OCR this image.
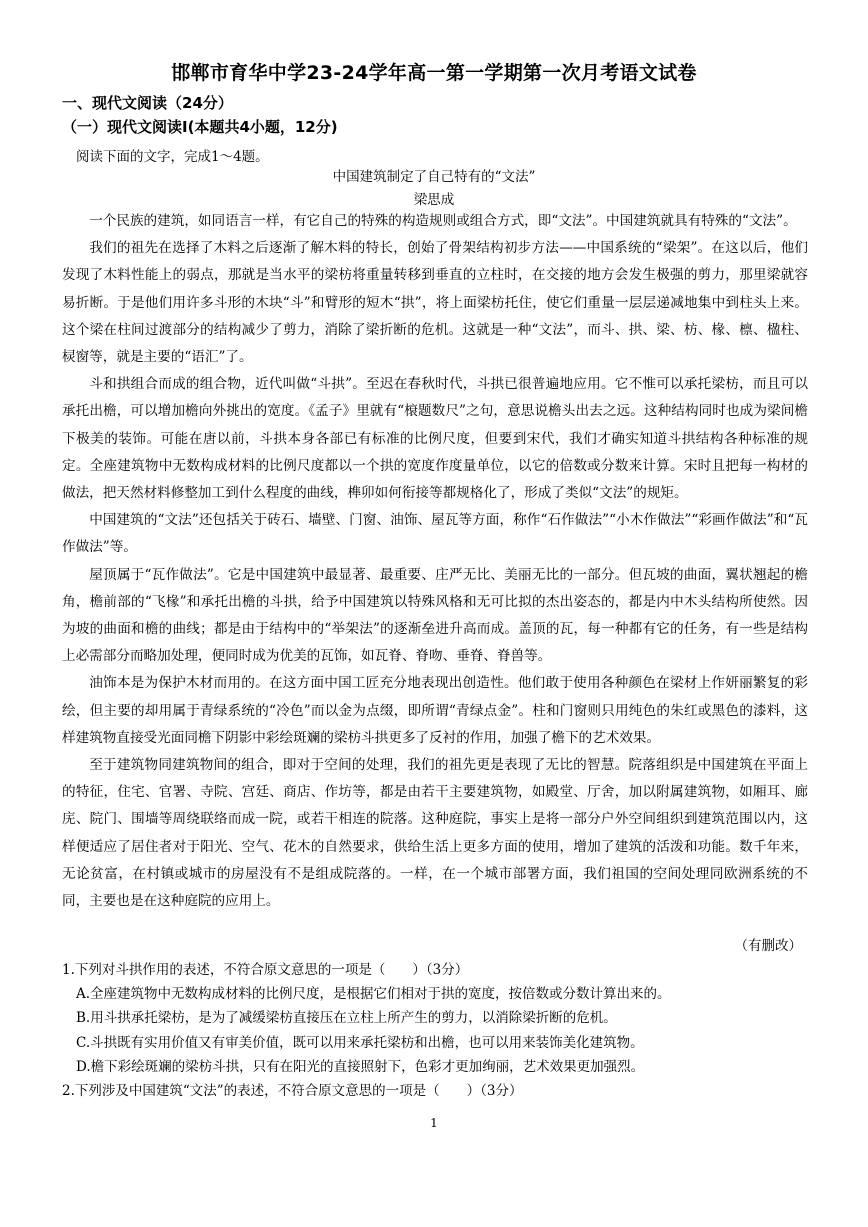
邯郸市育华中学23-24学年高一第一学期第一次月考语文试卷
一、现代文阅读（24分）
（一）现代文阅读Ⅰ(本题共4小题，12分)
阅读下面的文字，完成1～4题。
中国建筑制定了自己特有的“文法”
梁思成

一个民族的建筑，如同语言一样，有它自己的特殊的构造规则或组合方式，即“文法”。中国建筑就具有特殊的“文法”。

我们的祖先在选择了木料之后逐渐了解木料的特长，创始了骨架结构初步方法——中国系统的“梁架”。在这以后，他们发现了木料性能上的弱点，那就是当水平的梁枋将重量转移到垂直的立柱时，在交接的地方会发生极强的剪力，那里梁就容易折断。于是他们用许多斗形的木块“斗”和臂形的短木“拱”，将上面梁枋托住，使它们重量一层层递减地集中到柱头上来。这个梁在柱间过渡部分的结构减少了剪力，消除了梁折断的危机。这就是一种“文法”，而斗、拱、梁、枋、椽、檩、楹柱、棂窗等，就是主要的“语汇”了。

斗和拱组合而成的组合物，近代叫做“斗拱”。至迟在春秋时代，斗拱已很普遍地应用。它不惟可以承托梁枋，而且可以承托出檐，可以增加檐向外挑出的宽度。《孟子》里就有“榱题数尺”之句，意思说檐头出去之远。这种结构同时也成为梁间檐下极美的装饰。可能在唐以前，斗拱本身各部已有标准的比例尺度，但要到宋代，我们才确实知道斗拱结构各种标准的规定。全座建筑物中无数构成材料的比例尺度都以一个拱的宽度作度量单位，以它的倍数或分数来计算。宋时且把每一构材的做法，把天然材料修整加工到什么程度的曲线，榫卯如何衔接等都规格化了，形成了类似“文法”的规矩。

中国建筑的“文法”还包括关于砖石、墙壁、门窗、油饰、屋瓦等方面，称作“石作做法”“小木作做法”“彩画作做法”和“瓦作做法”等。

屋顶属于“瓦作做法”。它是中国建筑中最显著、最重要、庄严无比、美丽无比的一部分。但瓦坡的曲面，翼状翘起的檐角，檐前部的“飞椽”和承托出檐的斗拱，给予中国建筑以特殊风格和无可比拟的杰出姿态的，都是内中木头结构所使然。因为坡的曲面和檐的曲线；都是由于结构中的“举架法”的逐渐垒进升高而成。盖顶的瓦，每一种都有它的任务，有一些是结构上必需部分而略加处理，便同时成为优美的瓦饰，如瓦脊、脊吻、垂脊、脊兽等。

油饰本是为保护木材而用的。在这方面中国工匠充分地表现出创造性。他们敢于使用各种颜色在梁材上作妍丽繁复的彩绘，但主要的却用属于青绿系统的“冷色”而以金为点缀，即所谓“青绿点金”。柱和门窗则只用纯色的朱红或黑色的漆料，这样建筑物直接受光面同檐下阴影中彩绘斑斓的梁枋斗拱更多了反衬的作用，加强了檐下的艺术效果。

至于建筑物同建筑物间的组合，即对于空间的处理，我们的祖先更是表现了无比的智慧。院落组织是中国建筑在平面上的特征，住宅、官署、寺院、宫廷、商店、作坊等，都是由若干主要建筑物，如殿堂、厅舍，加以附属建筑物，如厢耳、廊庑、院门、围墙等周绕联络而成一院，或若干相连的院落。这种庭院，事实上是将一部分户外空间组织到建筑范围以内，这样便适应了居住者对于阳光、空气、花木的自然要求，供给生活上更多方面的使用，增加了建筑的活泼和功能。数千年来，无论贫富，在村镇或城市的房屋没有不是组成院落的。一样，在一个城市部署方面，我们祖国的空间处理同欧洲系统的不同，主要也是在这种庭院的应用上。

（有删改）
1.下列对斗拱作用的表述，不符合原文意思的一项是（　　）（3分）
A.全座建筑物中无数构成材料的比例尺度，是根据它们相对于拱的宽度，按倍数或分数计算出来的。
B.用斗拱承托梁枋，是为了减缓梁枋直接压在立柱上所产生的剪力，以消除梁折断的危机。
C.斗拱既有实用价值又有审美价值，既可以用来承托梁枋和出檐，也可以用来装饰美化建筑物。
D.檐下彩绘斑斓的梁枋斗拱，只有在阳光的直接照射下，色彩才更加绚丽，艺术效果更加强烈。
2.下列涉及中国建筑“文法”的表述，不符合原文意思的一项是（　　）（3分）
1
